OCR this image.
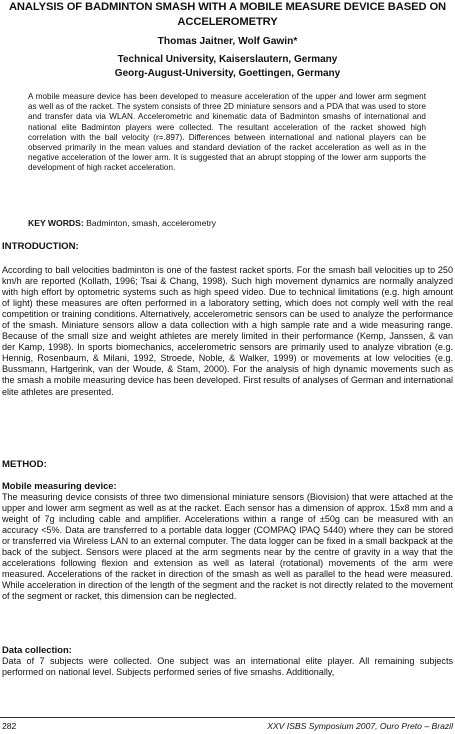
ANALYSIS OF BADMINTON SMASH WITH A MOBILE MEASURE DEVICE BASED ON ACCELEROMETRY
Thomas Jaitner, Wolf Gawin*
Technical University, Kaiserslautern, Germany
Georg-August-University, Goettingen, Germany
A mobile measure device has been developed to measure acceleration of the upper and lower arm segment as well as of the racket. The system consists of three 2D miniature sensors and a PDA that was used to store and transfer data via WLAN. Accelerometric and kinematic data of Badminton smashs of international and national elite Badminton players were collected. The resultant acceleration of the racket showed high correlation with the ball velocity (r=.897). Differences between international and national players can be observed primarily in the mean values and standard deviation of the racket acceleration as well as in the negative acceleration of the lower arm. It is suggested that an abrupt stopping of the lower arm supports the development of high racket acceleration.
KEY WORDS: Badminton, smash, accelerometry
INTRODUCTION:
According to ball velocities badminton is one of the fastest racket sports. For the smash ball velocities up to 250 km/h are reported (Kollath, 1996; Tsai & Chang, 1998). Such high movement dynamics are normally analyzed with high effort by optometric systems such as high speed video. Due to technical limitations (e.g. high amount of light) these measures are often performed in a laboratory setting, which does not comply well with the real competition or training conditions. Alternatively, accelerometric sensors can be used to analyze the performance of the smash. Miniature sensors allow a data collection with a high sample rate and a wide measuring range. Because of the small size and weight athletes are merely limited in their performance (Kemp, Janssen, & van der Kamp, 1998). In sports biomechanics, accelerometric sensors are primarily used to analyze vibration (e.g. Hennig, Rosenbaum, & Milani, 1992, Stroede, Noble, & Walker, 1999) or movements at low velocities (e.g. Bussmann, Hartgerink, van der Woude, & Stam, 2000). For the analysis of high dynamic movements such as the smash a mobile measuring device has been developed. First results of analyses of German and international elite athletes are presented.
METHOD:
Mobile measuring device:
The measuring device consists of three two dimensional miniature sensors (Biovision) that were attached at the upper and lower arm segment as well as at the racket. Each sensor has a dimension of approx. 15x8 mm and a weight of 7g including cable and amplifier. Accelerations within a range of ±50g can be measured with an accuracy <5%. Data are transferred to a portable data logger (COMPAQ IPAQ 5440) where they can be stored or transferred via Wireless LAN to an external computer. The data logger can be fixed in a small backpack at the back of the subject. Sensors were placed at the arm segments near by the centre of gravity in a way that the accelerations following flexion and extension as well as lateral (rotational) movements of the arm were measured. Accelerations of the racket in direction of the smash as well as parallel to the head were measured. While acceleration in direction of the length of the segment and the racket is not directly related to the movement of the segment or racket, this dimension can be neglected.
Data collection:
Data of 7 subjects were collected. One subject was an international elite player. All remaining subjects performed on national level. Subjects performed series of five smashs. Additionally,
282	XXV ISBS Symposium 2007, Ouro Preto – Brazil
